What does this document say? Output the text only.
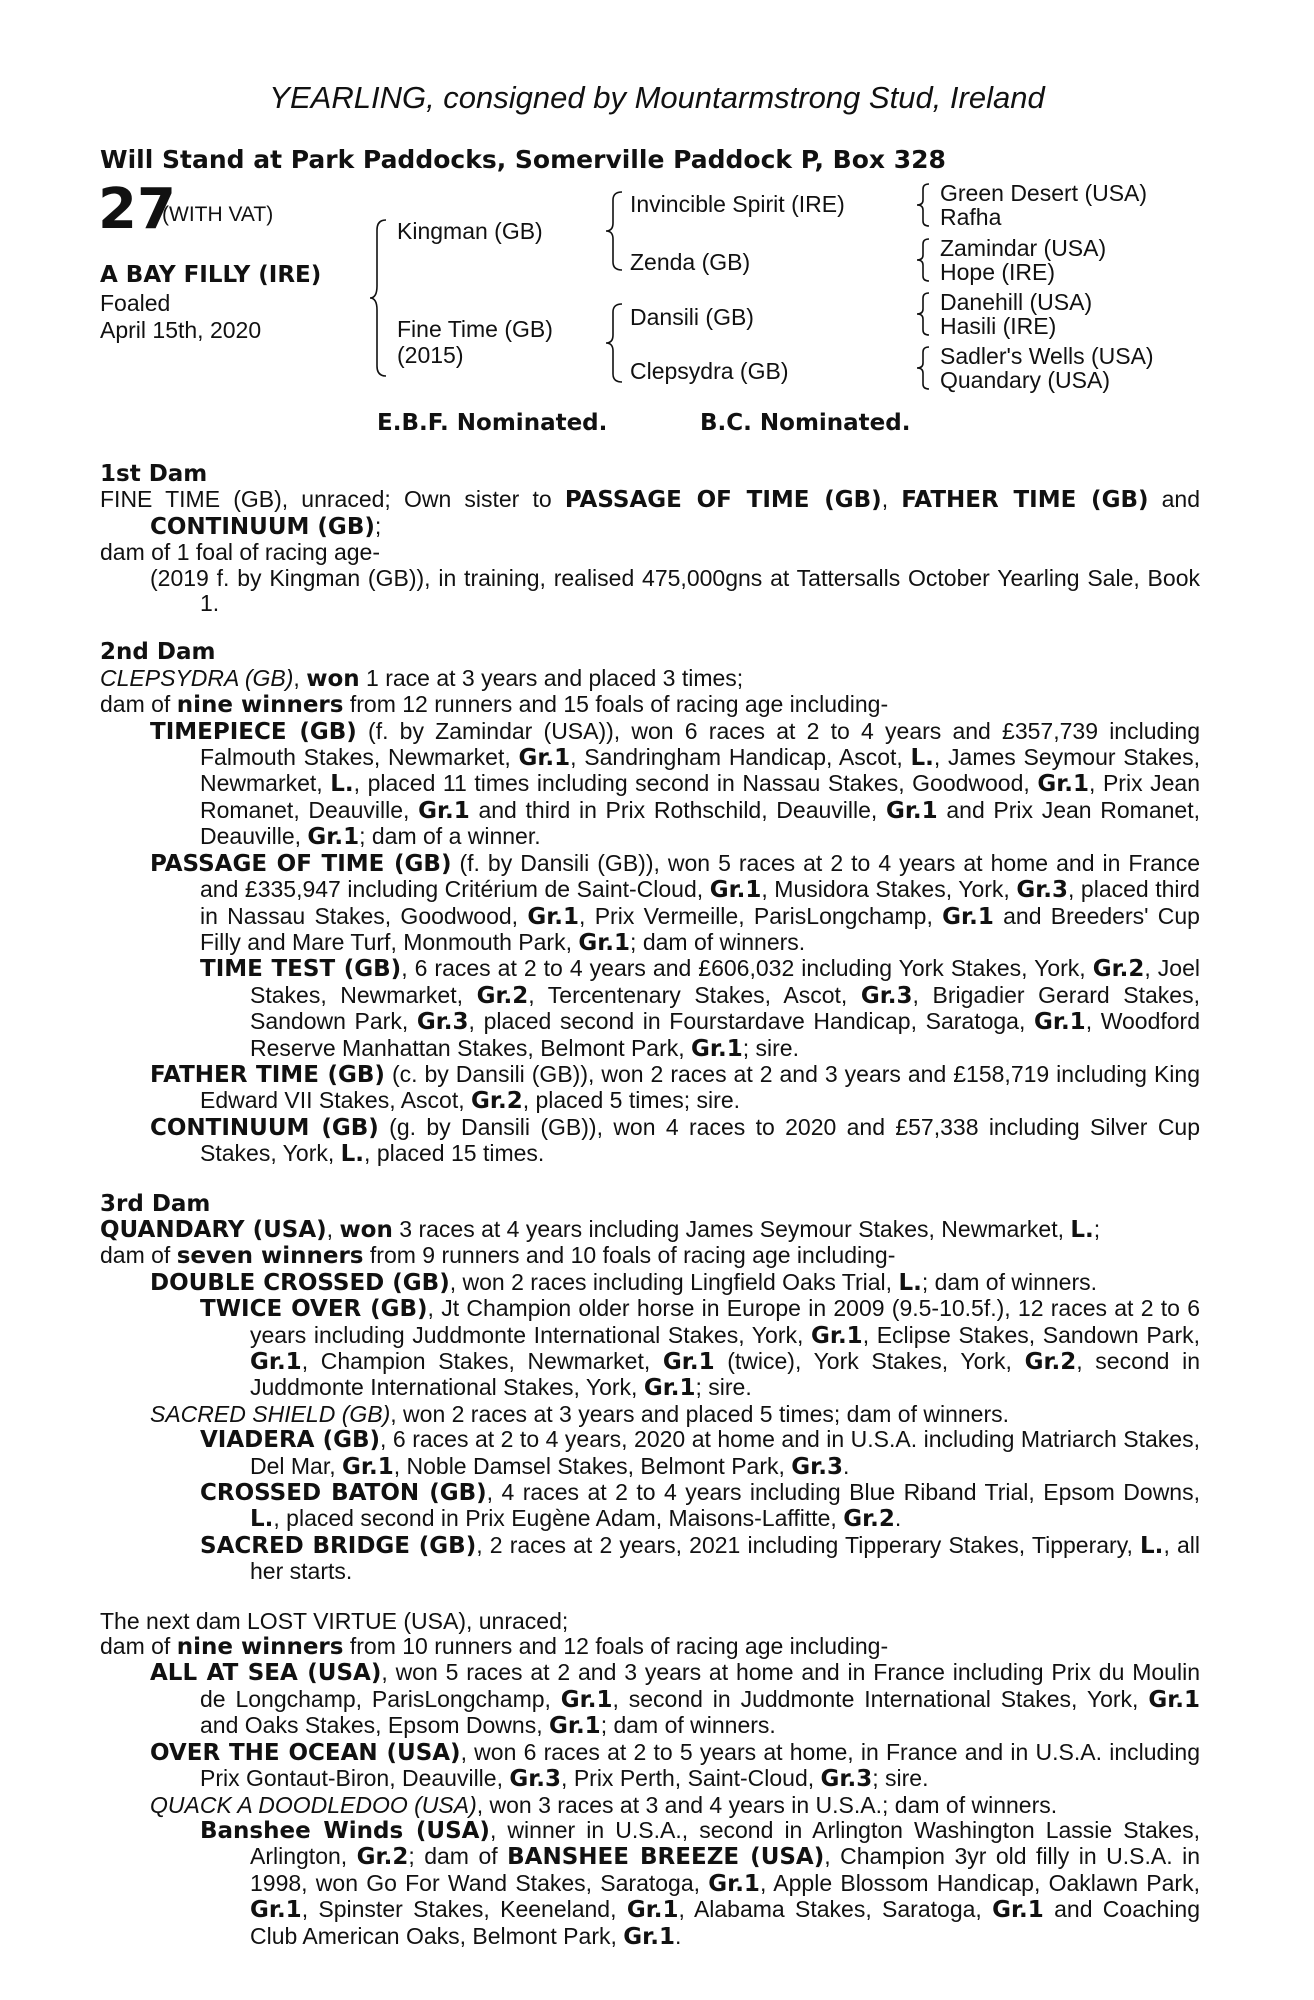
YEARLING, consigned by Mountarmstrong Stud, Ireland
Will Stand at Park Paddocks, Somerville Paddock P, Box 328
27
(WITH VAT)
A BAY FILLY (IRE)
Foaled
April 15th, 2020
Kingman (GB)
Fine Time (GB)
(2015)
Invincible Spirit (IRE)
Zenda (GB)
Dansili (GB)
Clepsydra (GB)
Green Desert (USA)
Rafha
Zamindar (USA)
Hope (IRE)
Danehill (USA)
Hasili (IRE)
Sadler's Wells (USA)
Quandary (USA)
E.B.F. Nominated.	B.C. Nominated.
1st Dam
FINE TIME (GB), unraced; Own sister to PASSAGE OF TIME (GB), FATHER TIME (GB) and CONTINUUM (GB);
dam of 1 foal of racing age-
(2019 f. by Kingman (GB)), in training, realised 475,000gns at Tattersalls October Yearling Sale, Book 1.
2nd Dam
CLEPSYDRA (GB), won 1 race at 3 years and placed 3 times;
dam of nine winners from 12 runners and 15 foals of racing age including-
TIMEPIECE (GB) (f. by Zamindar (USA)), won 6 races at 2 to 4 years and £357,739 including Falmouth Stakes, Newmarket, Gr.1, Sandringham Handicap, Ascot, L., James Seymour Stakes, Newmarket, L., placed 11 times including second in Nassau Stakes, Goodwood, Gr.1, Prix Jean Romanet, Deauville, Gr.1 and third in Prix Rothschild, Deauville, Gr.1 and Prix Jean Romanet, Deauville, Gr.1; dam of a winner.
PASSAGE OF TIME (GB) (f. by Dansili (GB)), won 5 races at 2 to 4 years at home and in France and £335,947 including Critérium de Saint-Cloud, Gr.1, Musidora Stakes, York, Gr.3, placed third in Nassau Stakes, Goodwood, Gr.1, Prix Vermeille, ParisLongchamp, Gr.1 and Breeders' Cup Filly and Mare Turf, Monmouth Park, Gr.1; dam of winners.
TIME TEST (GB), 6 races at 2 to 4 years and £606,032 including York Stakes, York, Gr.2, Joel Stakes, Newmarket, Gr.2, Tercentenary Stakes, Ascot, Gr.3, Brigadier Gerard Stakes, Sandown Park, Gr.3, placed second in Fourstardave Handicap, Saratoga, Gr.1, Woodford Reserve Manhattan Stakes, Belmont Park, Gr.1; sire.
FATHER TIME (GB) (c. by Dansili (GB)), won 2 races at 2 and 3 years and £158,719 including King Edward VII Stakes, Ascot, Gr.2, placed 5 times; sire.
CONTINUUM (GB) (g. by Dansili (GB)), won 4 races to 2020 and £57,338 including Silver Cup Stakes, York, L., placed 15 times.
3rd Dam
QUANDARY (USA), won 3 races at 4 years including James Seymour Stakes, Newmarket, L.;
dam of seven winners from 9 runners and 10 foals of racing age including-
DOUBLE CROSSED (GB), won 2 races including Lingfield Oaks Trial, L.; dam of winners.
TWICE OVER (GB), Jt Champion older horse in Europe in 2009 (9.5-10.5f.), 12 races at 2 to 6 years including Juddmonte International Stakes, York, Gr.1, Eclipse Stakes, Sandown Park, Gr.1, Champion Stakes, Newmarket, Gr.1 (twice), York Stakes, York, Gr.2, second in Juddmonte International Stakes, York, Gr.1; sire.
SACRED SHIELD (GB), won 2 races at 3 years and placed 5 times; dam of winners.
VIADERA (GB), 6 races at 2 to 4 years, 2020 at home and in U.S.A. including Matriarch Stakes, Del Mar, Gr.1, Noble Damsel Stakes, Belmont Park, Gr.3.
CROSSED BATON (GB), 4 races at 2 to 4 years including Blue Riband Trial, Epsom Downs, L., placed second in Prix Eugène Adam, Maisons-Laffitte, Gr.2.
SACRED BRIDGE (GB), 2 races at 2 years, 2021 including Tipperary Stakes, Tipperary, L., all her starts.
The next dam LOST VIRTUE (USA), unraced;
dam of nine winners from 10 runners and 12 foals of racing age including-
ALL AT SEA (USA), won 5 races at 2 and 3 years at home and in France including Prix du Moulin de Longchamp, ParisLongchamp, Gr.1, second in Juddmonte International Stakes, York, Gr.1 and Oaks Stakes, Epsom Downs, Gr.1; dam of winners.
OVER THE OCEAN (USA), won 6 races at 2 to 5 years at home, in France and in U.S.A. including Prix Gontaut-Biron, Deauville, Gr.3, Prix Perth, Saint-Cloud, Gr.3; sire.
QUACK A DOODLEDOO (USA), won 3 races at 3 and 4 years in U.S.A.; dam of winners.
Banshee Winds (USA), winner in U.S.A., second in Arlington Washington Lassie Stakes, Arlington, Gr.2; dam of BANSHEE BREEZE (USA), Champion 3yr old filly in U.S.A. in 1998, won Go For Wand Stakes, Saratoga, Gr.1, Apple Blossom Handicap, Oaklawn Park, Gr.1, Spinster Stakes, Keeneland, Gr.1, Alabama Stakes, Saratoga, Gr.1 and Coaching Club American Oaks, Belmont Park, Gr.1.
